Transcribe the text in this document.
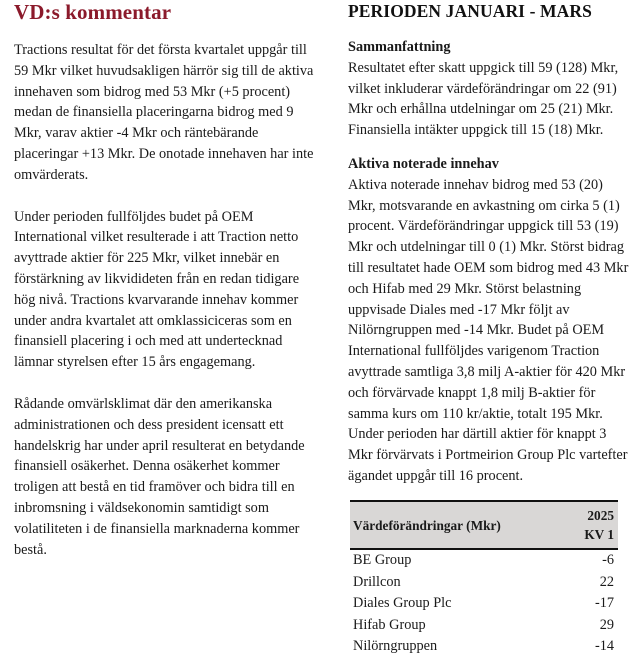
VD:s kommentar

Tractions resultat för det första kvartalet uppgår till 59 Mkr vilket huvudsakligen härrör sig till de aktiva innehaven som bidrog med 53 Mkr (+5 procent) medan de finansiella placeringarna bidrog med 9 Mkr, varav aktier -4 Mkr och räntebärande placeringar +13 Mkr. De onotade innehaven har inte omvärderats.

Under perioden fullföljdes budet på OEM International vilket resulterade i att Traction netto avyttrade aktier för 225 Mkr, vilket innebär en förstärkning av likvidideten från en redan tidigare hög nivå. Tractions kvarvarande innehav kommer under andra kvartalet att omklassiciceras som en finansiell placering i och med att undertecknad lämnar styrelsen efter 15 års engagemang.

Rådande omvärlsklimat där den amerikanska administrationen och dess president icensatt ett handelskrig har under april resulterat en betydande finansiell osäkerhet. Denna osäkerhet kommer troligen att bestå en tid framöver och bidra till en inbromsning i väldsekonomin samtidigt som volatiliteten i de finansiella marknaderna kommer bestå.

PERIODEN JANUARI - MARS
Sammanfattning

Resultatet efter skatt uppgick till 59 (128) Mkr, vilket inkluderar värdeförändringar om 22 (91) Mkr och erhållna utdelningar om 25 (21) Mkr. Finansiella intäkter uppgick till 15 (18) Mkr.

Aktiva noterade innehav

Aktiva noterade innehav bidrog med 53 (20) Mkr, motsvarande en avkastning om cirka 5 (1) procent. Värdeförändringar uppgick till 53 (19) Mkr och utdelningar till 0 (1) Mkr. Störst bidrag till resultatet hade OEM som bidrog med 43 Mkr och Hifab med 29 Mkr. Störst belastning uppvisade Diales med -17 Mkr följt av Nilörngruppen med -14 Mkr. Budet på OEM International fullföljdes varigenom Traction avyttrade samtliga 3,8 milj A-aktier för 420 Mkr och förvärvade knappt 1,8 milj B-aktier för samma kurs om 110 kr/aktie, totalt 195 Mkr. Under perioden har därtill aktier för knappt 3 Mkr förvärvats i Portmeirion Group Plc vartefter ägandet uppgår till 16 procent.

Värdeförändringar (Mkr)	2025
KV 1
BE Group	-6
Drillcon	22
Diales Group Plc	-17
Hifab Group	29
Nilörngruppen	-14
